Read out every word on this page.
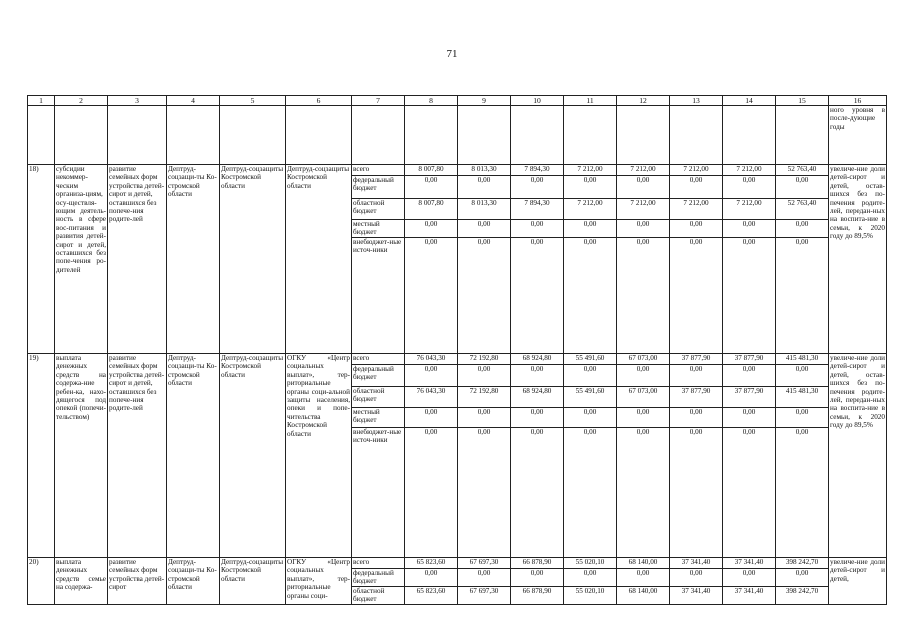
71
1	2	3	4	5	6	7	8	9	10	11	12	13	14	15	16
															ного уровня в после-дующие годы
18)	субсидии некоммер-ческим организа-циям, осу-ществля-ющим деятель-ность в сфере вос-питания и развития детей-сирот и детей, оставшихся без попе-чения ро-дителей	развитие семейных форм устройства детей-сирот и детей, оставшихся без попече-ния родите-лей	Дептруд-соцзащи-ты Ко-стромской области	Дептруд-соцзащиты Костромской области	Дептруд-соцзащиты Костромской области	всего	8 007,80	8 013,30	7 894,30	7 212,00	7 212,00	7 212,00	7 212,00	52 763,40	увеличе-ние доли детей-сирот и детей, остав-шихся без по-печения родите-лей, передан-ных на воспита-ние в семьи, к 2020 году до 89,5%
						федеральный бюджет	0,00	0,00	0,00	0,00	0,00	0,00	0,00	0,00	
						областной бюджет	8 007,80	8 013,30	7 894,30	7 212,00	7 212,00	7 212,00	7 212,00	52 763,40	
						местный бюджет	0,00	0,00	0,00	0,00	0,00	0,00	0,00	0,00	
						внебюджет-ные источ-ники	0,00	0,00	0,00	0,00	0,00	0,00	0,00	0,00	
19)	выплата денежных средств на содержа-ние ребен-ка, нахо-дящегося под опекой (попечи-тельством)	развитие семейных форм устройства детей-сирот и детей, оставшихся без попече-ния родите-лей	Дептруд-соцзащи-ты Ко-стромской области	Дептруд-соцзащиты Костромской области	ОГКУ «Центр социальных выплат», тер-риториальные органы соци-альной защиты населения, опеки и попе-чительства Костромской области	всего	76 043,30	72 192,80	68 924,80	55 491,60	67 073,00	37 877,90	37 877,90	415 481,30	увеличе-ние доли детей-сирот и детей, остав-шихся без по-печения родите-лей, передан-ных на воспита-ние в семьи, к 2020 году до 89,5%
						федеральный бюджет	0,00	0,00	0,00	0,00	0,00	0,00	0,00	0,00	
						областной бюджет	76 043,30	72 192,80	68 924,80	55 491,60	67 073,00	37 877,90	37 877,90	415 481,30	
						местный бюджет	0,00	0,00	0,00	0,00	0,00	0,00	0,00	0,00	
						внебюджет-ные источ-ники	0,00	0,00	0,00	0,00	0,00	0,00	0,00	0,00	
20)	выплата денежных средств семье на содержа-	развитие семейных форм устройства детей-сирот	Дептруд-соцзащи-ты Ко-стромской области	Дептруд-соцзащиты Костромской области	ОГКУ «Центр социальных выплат», тер-риториальные органы соци-	всего	65 823,60	67 697,30	66 878,90	55 020,10	68 140,00	37 341,40	37 341,40	398 242,70	увеличе-ние доли детей-сирот и детей,
						федеральный бюджет	0,00	0,00	0,00	0,00	0,00	0,00	0,00	0,00	
						областной бюджет	65 823,60	67 697,30	66 878,90	55 020,10	68 140,00	37 341,40	37 341,40	398 242,70	
